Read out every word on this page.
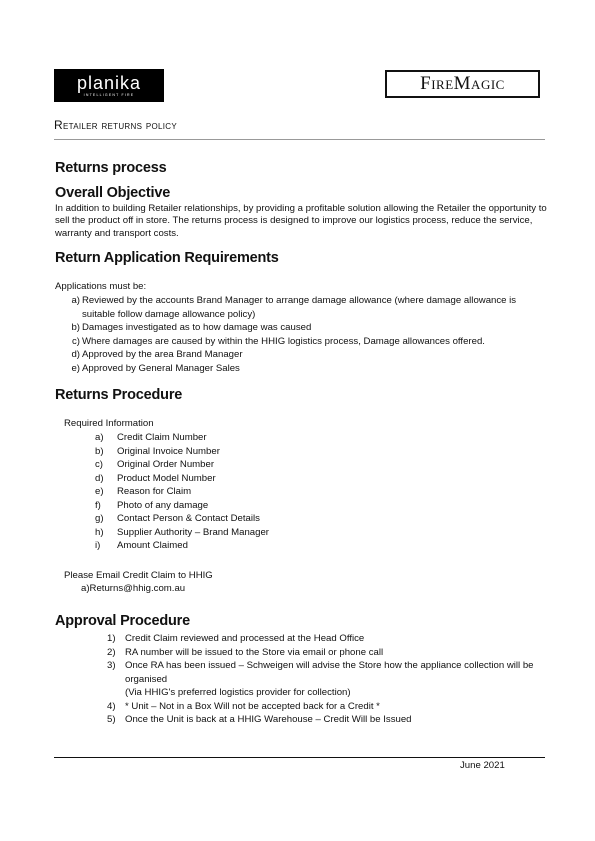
planika
INTELLIGENT FIRE
FireMagic
Retailer returns policy
Returns process
Overall Objective
In addition to building Retailer relationships, by providing a profitable solution allowing the Retailer the opportunity to sell the product off in store. The returns process is designed to improve our logistics process, reduce the service, warranty and transport costs.
Return Application Requirements
Applications must be:
a) Reviewed by the accounts Brand Manager to arrange damage allowance (where damage allowance is suitable follow damage allowance policy)
b) Damages investigated as to how damage was caused
c) Where damages are caused by within the HHIG logistics process, Damage allowances offered.
d) Approved by the area Brand Manager
e) Approved by General Manager Sales
Returns Procedure
Required Information
a) Credit Claim Number
b) Original Invoice Number
c) Original Order Number
d) Product Model Number
e) Reason for Claim
f) Photo of any damage
g) Contact Person & Contact Details
h) Supplier Authority – Brand Manager
i) Amount Claimed
Please Email Credit Claim to HHIG
a)Returns@hhig.com.au
Approval Procedure
1) Credit Claim reviewed and processed at the Head Office
2) RA number will be issued to the Store via email or phone call
3) Once RA has been issued – Schweigen will advise the Store how the appliance collection will be organised
(Via HHIG's preferred logistics provider for collection)
4) * Unit – Not in a Box Will not be accepted back for a Credit *
5) Once the Unit is back at a HHIG Warehouse – Credit Will be Issued
June 2021
